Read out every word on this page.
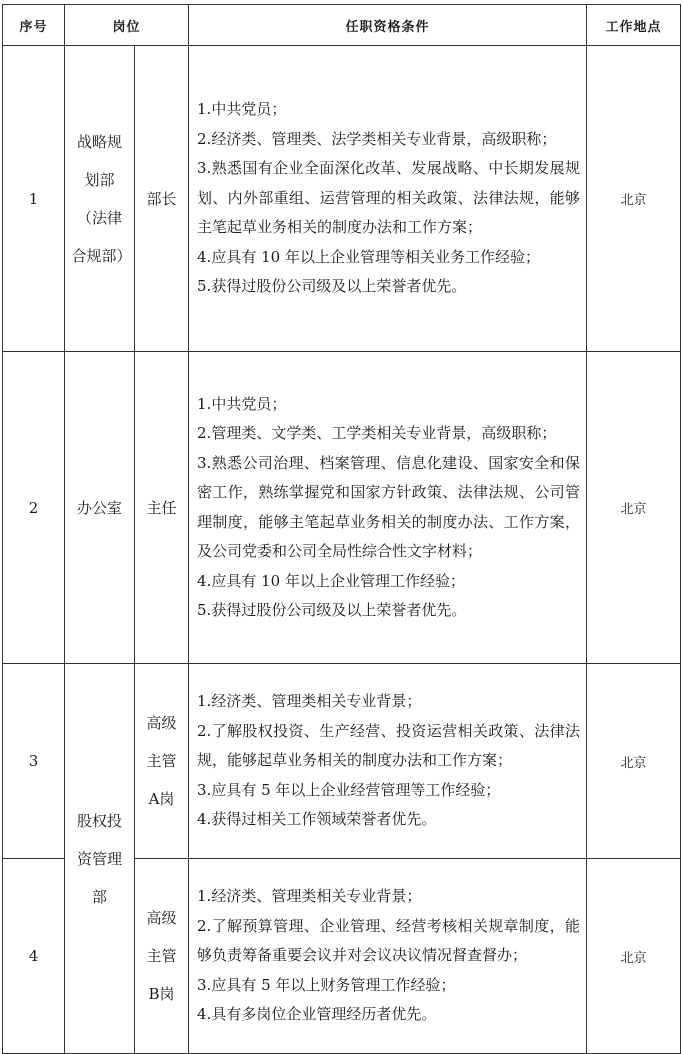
序号	岗位		任职资格条件	工作地点
1	战略规划部（法律合规部）	部长	1.中共党员；
2.经济类、管理类、法学类相关专业背景，高级职称；
3.熟悉国有企业全面深化改革、发展战略、中长期发展规划、内外部重组、运营管理的相关政策、法律法规，能够主笔起草业务相关的制度办法和工作方案；
4.应具有 10 年以上企业管理等相关业务工作经验；
5.获得过股份公司级及以上荣誉者优先。	北京
2	办公室	主任	1.中共党员；
2.管理类、文学类、工学类相关专业背景，高级职称；
3.熟悉公司治理、档案管理、信息化建设、国家安全和保密工作，熟练掌握党和国家方针政策、法律法规、公司管理制度，能够主笔起草业务相关的制度办法、工作方案，及公司党委和公司全局性综合性文字材料；
4.应具有 10 年以上企业管理工作经验；
5.获得过股份公司级及以上荣誉者优先。	北京
3	股权投资管理部	高级主管A岗	1.经济类、管理类相关专业背景；
2.了解股权投资、生产经营、投资运营相关政策、法律法规，能够起草业务相关的制度办法和工作方案；
3.应具有 5 年以上企业经营管理等工作经验；
4.获得过相关工作领域荣誉者优先。	北京
4		高级主管B岗	1.经济类、管理类相关专业背景；
2.了解预算管理、企业管理、经营考核相关规章制度，能够负责筹备重要会议并对会议决议情况督查督办；
3.应具有 5 年以上财务管理工作经验；
4.具有多岗位企业管理经历者优先。	北京
